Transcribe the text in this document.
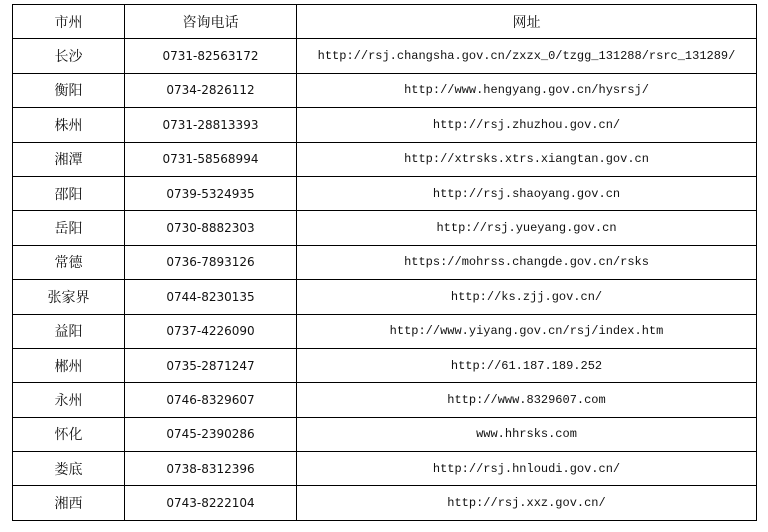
市州	咨询电话	网址
长沙	0731-82563172	http://rsj.changsha.gov.cn/zxzx_0/tzgg_131288/rsrc_131289/
衡阳	0734-2826112	http://www.hengyang.gov.cn/hysrsj/
株州	0731-28813393	http://rsj.zhuzhou.gov.cn/
湘潭	0731-58568994	http://xtrsks.xtrs.xiangtan.gov.cn
邵阳	0739-5324935	http://rsj.shaoyang.gov.cn
岳阳	0730-8882303	http://rsj.yueyang.gov.cn
常德	0736-7893126	https://mohrss.changde.gov.cn/rsks
张家界	0744-8230135	http://ks.zjj.gov.cn/
益阳	0737-4226090	http://www.yiyang.gov.cn/rsj/index.htm
郴州	0735-2871247	http://61.187.189.252
永州	0746-8329607	http://www.8329607.com
怀化	0745-2390286	www.hhrsks.com
娄底	0738-8312396	http://rsj.hnloudi.gov.cn/
湘西	0743-8222104	http://rsj.xxz.gov.cn/
